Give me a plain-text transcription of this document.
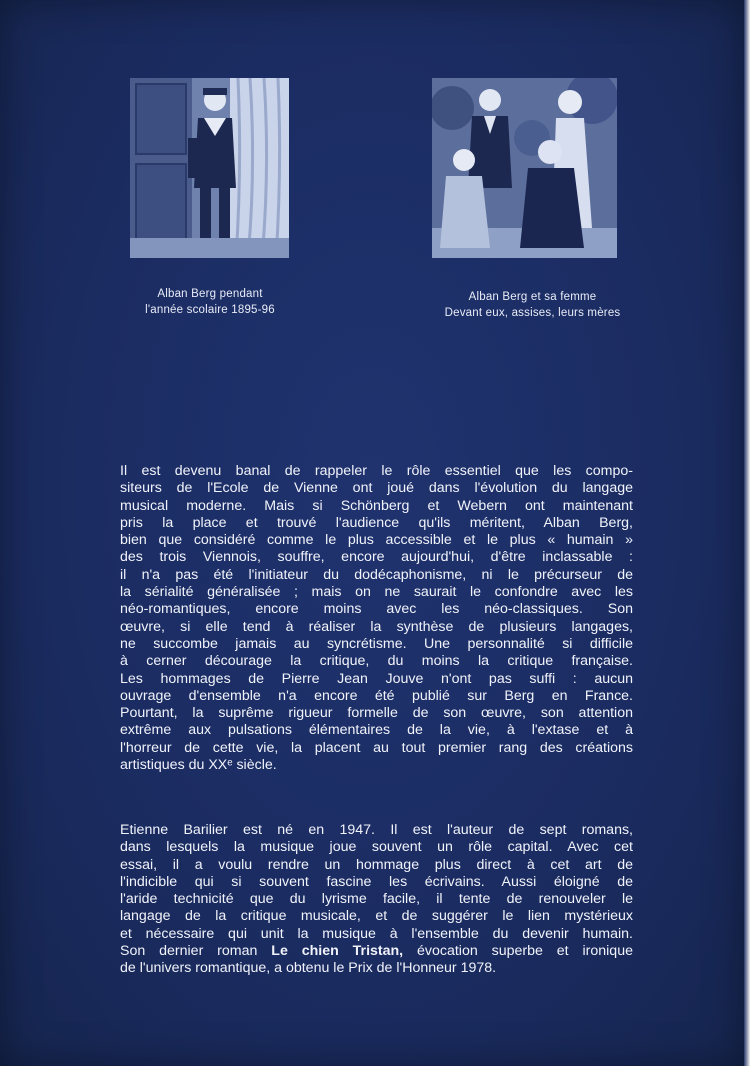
Alban Berg pendant
l'année scolaire 1895-96
Alban Berg et sa femme
Devant eux, assises, leurs mères
Il est devenu banal de rappeler le rôle essentiel que les compo-
siteurs de l'Ecole de Vienne ont joué dans l'évolution du langage
musical moderne. Mais si Schönberg et Webern ont maintenant
pris la place et trouvé l'audience qu'ils méritent, Alban Berg,
bien que considéré comme le plus accessible et le plus « humain »
des trois Viennois, souffre, encore aujourd'hui, d'être inclassable :
il n'a pas été l'initiateur du dodécaphonisme, ni le précurseur de
la sérialité généralisée ; mais on ne saurait le confondre avec les
néo-romantiques, encore moins avec les néo-classiques. Son
œuvre, si elle tend à réaliser la synthèse de plusieurs langages,
ne succombe jamais au syncrétisme. Une personnalité si difficile
à cerner décourage la critique, du moins la critique française.
Les hommages de Pierre Jean Jouve n'ont pas suffi : aucun
ouvrage d'ensemble n'a encore été publié sur Berg en France.
Pourtant, la suprême rigueur formelle de son œuvre, son attention
extrême aux pulsations élémentaires de la vie, à l'extase et à
l'horreur de cette vie, la placent au tout premier rang des créations
artistiques du XXᵉ siècle.
Etienne Barilier est né en 1947. Il est l'auteur de sept romans,
dans lesquels la musique joue souvent un rôle capital. Avec cet
essai, il a voulu rendre un hommage plus direct à cet art de
l'indicible qui si souvent fascine les écrivains. Aussi éloigné de
l'aride technicité que du lyrisme facile, il tente de renouveler le
langage de la critique musicale, et de suggérer le lien mystérieux
et nécessaire qui unit la musique à l'ensemble du devenir humain.
Son dernier roman Le chien Tristan, évocation superbe et ironique
de l'univers romantique, a obtenu le Prix de l'Honneur 1978.
